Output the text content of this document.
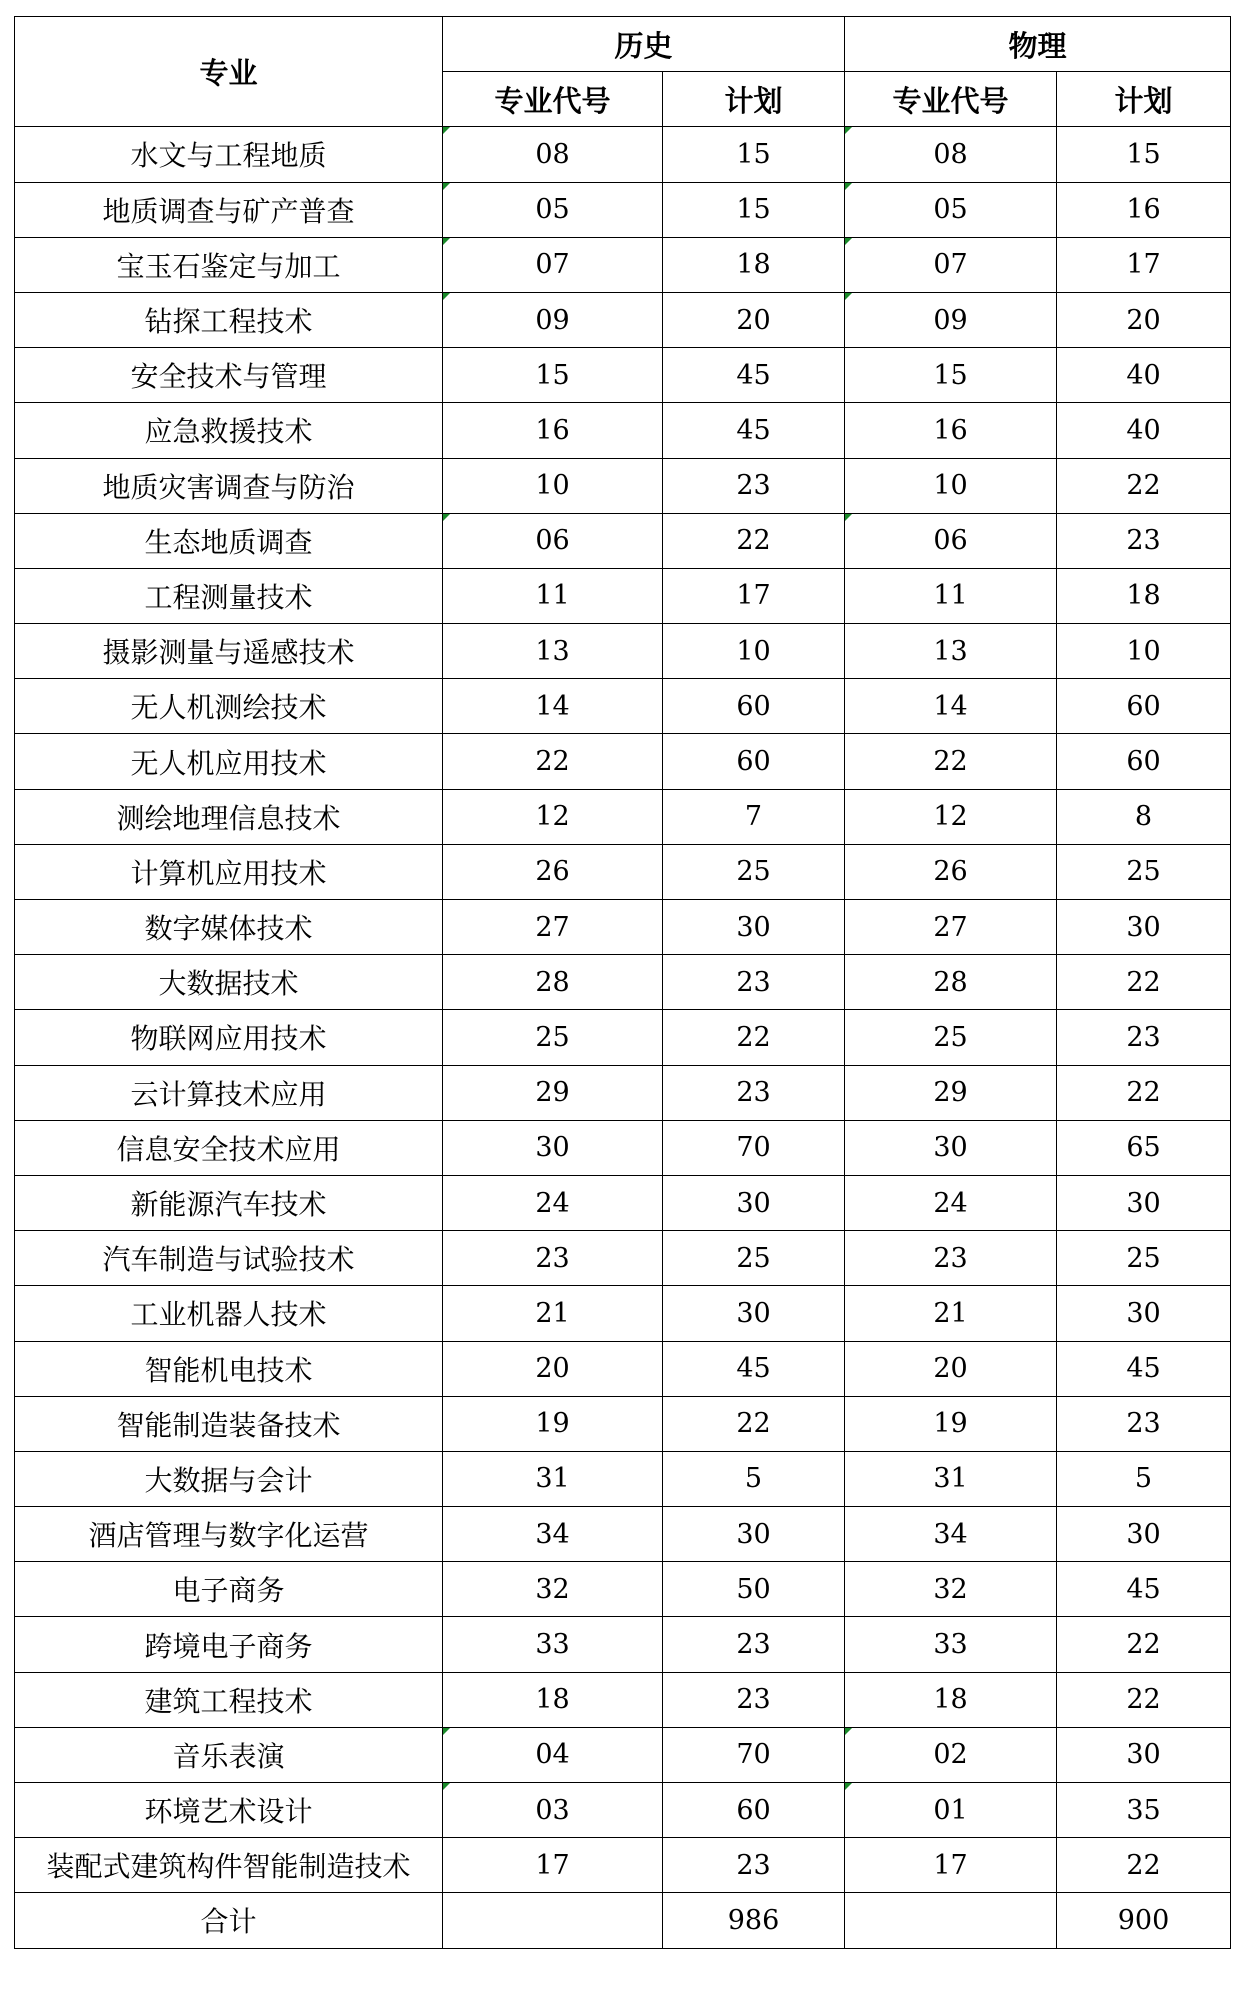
专业	历史		物理	
	专业代号	计划	专业代号	计划
水文与工程地质	08	15	08	15
地质调查与矿产普查	05	15	05	16
宝玉石鉴定与加工	07	18	07	17
钻探工程技术	09	20	09	20
安全技术与管理	15	45	15	40
应急救援技术	16	45	16	40
地质灾害调查与防治	10	23	10	22
生态地质调查	06	22	06	23
工程测量技术	11	17	11	18
摄影测量与遥感技术	13	10	13	10
无人机测绘技术	14	60	14	60
无人机应用技术	22	60	22	60
测绘地理信息技术	12	7	12	8
计算机应用技术	26	25	26	25
数字媒体技术	27	30	27	30
大数据技术	28	23	28	22
物联网应用技术	25	22	25	23
云计算技术应用	29	23	29	22
信息安全技术应用	30	70	30	65
新能源汽车技术	24	30	24	30
汽车制造与试验技术	23	25	23	25
工业机器人技术	21	30	21	30
智能机电技术	20	45	20	45
智能制造装备技术	19	22	19	23
大数据与会计	31	5	31	5
酒店管理与数字化运营	34	30	34	30
电子商务	32	50	32	45
跨境电子商务	33	23	33	22
建筑工程技术	18	23	18	22
音乐表演	04	70	02	30
环境艺术设计	03	60	01	35
装配式建筑构件智能制造技术	17	23	17	22
合计		986		900
